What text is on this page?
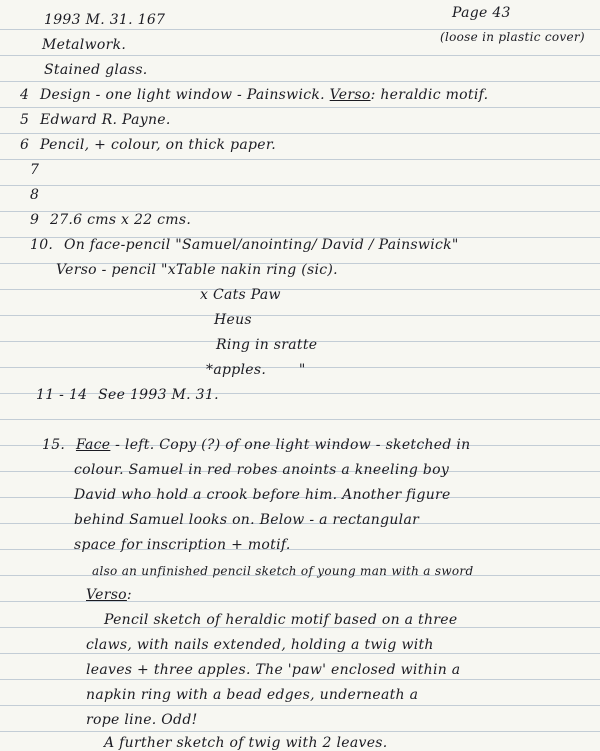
Page 43
(loose in plastic cover)
1993 M. 31. 167
Metalwork.
Stained glass.
4 Design - one light window - Painswick. Verso: heraldic motif.
5 Edward R. Payne.
6 Pencil, + colour, on thick paper.
7
8
9 27.6 cms x 22 cms.
10. On face-pencil "Samuel/anointing/ David / Painswick"
Verso - pencil "xTable nakin ring (sic).
x Cats Paw
Heus
Ring in sratte
*apples. "
11 - 14 See 1993 M. 31.
15. Face - left. Copy (?) of one light window - sketched in
colour. Samuel in red robes anoints a kneeling boy
David who hold a crook before him. Another figure
behind Samuel looks on. Below - a rectangular
space for inscription + motif.
also an unfinished pencil sketch of young man with a sword
Verso:
Pencil sketch of heraldic motif based on a three
claws, with nails extended, holding a twig with
leaves + three apples. The 'paw' enclosed within a
napkin ring with a bead edges, underneath a
rope line. Odd!
A further sketch of twig with 2 leaves.
